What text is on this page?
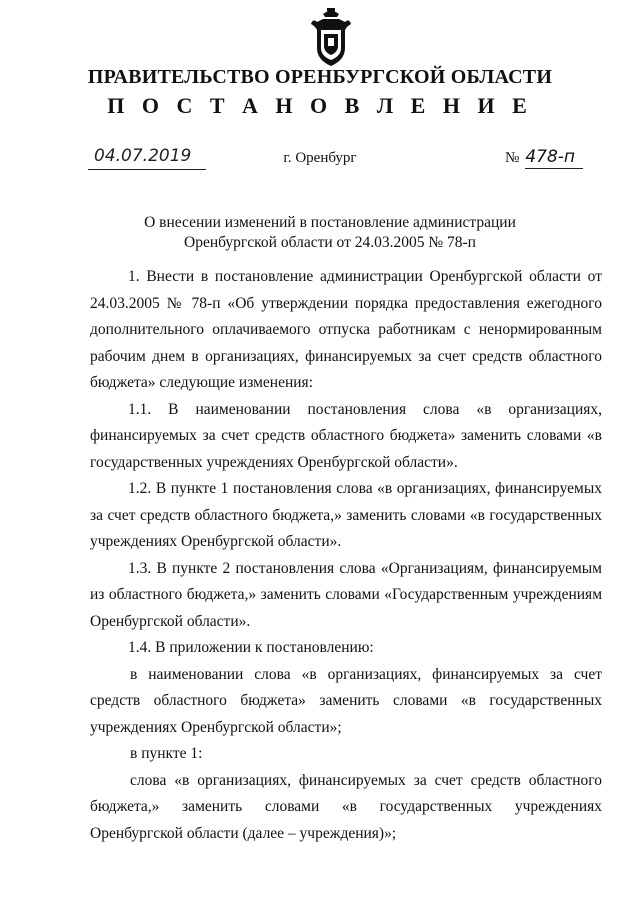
ПРАВИТЕЛЬСТВО ОРЕНБУРГСКОЙ ОБЛАСТИ
П О С Т А Н О В Л Е Н И Е
04.07.2019	г. Оренбург	№ 478-п
О внесении изменений в постановление администрации
Оренбургской области от 24.03.2005 № 78-п

1. Внести в постановление администрации Оренбургской области от 24.03.2005 № 78-п «Об утверждении порядка предоставления ежегодного дополнительного оплачиваемого отпуска работникам с ненормированным рабочим днем в организациях, финансируемых за счет средств областного бюджета» следующие изменения:

1.1. В наименовании постановления слова «в организациях, финансируемых за счет средств областного бюджета» заменить словами «в государственных учреждениях Оренбургской области».

1.2. В пункте 1 постановления слова «в организациях, финансируемых за счет средств областного бюджета,» заменить словами «в государственных учреждениях Оренбургской области».

1.3. В пункте 2 постановления слова «Организациям, финансируемым из областного бюджета,» заменить словами «Государственным учреждениям Оренбургской области».

1.4. В приложении к постановлению:

в наименовании слова «в организациях, финансируемых за счет средств областного бюджета» заменить словами «в государственных учреждениях Оренбургской области»;

в пункте 1:

слова «в организациях, финансируемых за счет средств областного бюджета,» заменить словами «в государственных учреждениях Оренбургской области (далее – учреждения)»;
